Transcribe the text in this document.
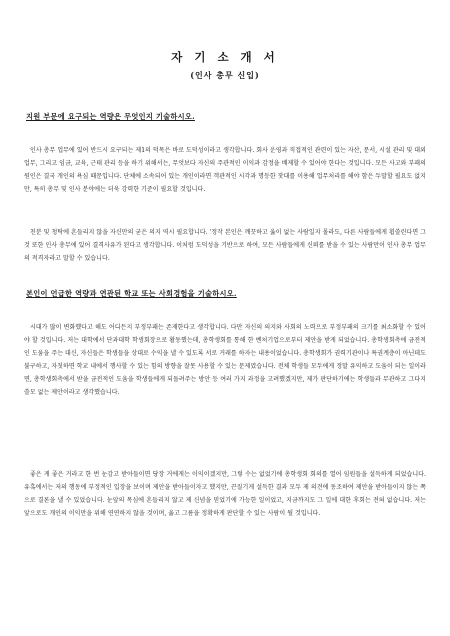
자 기 소 개 서
(인사 총무 신입)
지원 부문에 요구되는 역량은 무엇인지 기술하시오.

인사 총무 업무에 있어 반드시 요구되는 제1의 덕목은 바로 도덕성이라고 생각합니다. 회사 운영과 직접적인 관련이 있는 자산, 문서, 시설 관리 및 대외업무, 그리고 임금, 교육, 근태 관리 등을 하기 위해서는, 무엇보다 자신의 주관적인 이익과 감정을 배제할 수 있어야 한다는 것입니다. 모든 사고와 부패의 원인은 결국 개인의 욕심 때문입니다. 단체에 소속되어 있는 개인이라면 객관적인 시각과 명등한 잣대를 이용해 업무처리를 해야 함은 두말할 필요도 없지만, 특히 총무 및 인사 분야에는 더욱 강력한 기준이 필요할 것입니다.

친분 및 청탁에 흔들리지 않을 자신만의 굳은 의지 역시 필요합니다. '정작 본인은 깨끗하고 옳이 없는 사람일지 몰라도, 다른 사람들에게 휩쓸린다면 그것 또한 인사 총무에 있어 결격사유가 된다고 생각합니다. 이처럼 도덕성을 기반으로 하여, 모든 사람들에게 신뢰를 받을 수 있는 사람만이 인사 총무 업무의 적격자라고 말할 수 있습니다.

본인이 언급한 역량과 연관된 학교 또는 사회경험을 기술하시오.

시대가 많이 변화했다고 해도 어디든지 부정부패는 존재한다고 생각합니다. 다만 자신의 의지와 사회의 노력으로 부정부패의 크기를 최소화할 수 있어야 할 것입니다. 저는 대학에서 단과대학 학생회장으로 활동했는데, 총학생회를 통해 한 벤처기업으로부터 제안을 받게 되었습니다. 총학생회측에 금전적인 도움을 주는 대신, 자신들은 학생들을 상대로 수익을 낼 수 있도록 서로 거래를 하자는 내용이었습니다. 총학생회가 권력기관이나 특권계층이 아닌데도 불구하고, 자칫하면 학교 내에서 행사할 수 있는 힘의 방향을 잘못 사용할 수 있는 문제였습니다. 전체 학생들 모두에게 정말 유익하고 도움이 되는 일이라면, 총학생회측에서 받을 금전적인 도움을 학생들에게 되돌려주는 방안 등 여러 가지 과정을 고려했겠지만, 제가 판단하기에는 학생들과 무관하고 그다지 쓸모 없는 제안이라고 생각했습니다.

좋은 게 좋은 거라고 한 번 눈감고 받아들이면 당장 거에게는 이익이겠지만, 그렇 수는 없었기에 총학생회 회의를 열어 임원들을 설득하게 되었습니다. 유혹에서는 저의 행동에 부정적인 입장을 보이며 제안을 받아들이자고 했지만, 끈질기게 설득한 결과 모두 제 의견에 동조하여 제안을 받아들이지 않는 쪽으로 결론을 낼 수 있었습니다. 눈앞의 목심에 흔들리지 않고 제 신념을 믿었기에 가능한 일이었고, 지금까지도 그 일에 대한 후회는 전혀 없습니다. 저는 앞으로도 개인의 이익만을 위해 연연하지 않을 것이며, 옳고 그름을 정확하게 판단할 수 있는 사람이 될 것입니다.
